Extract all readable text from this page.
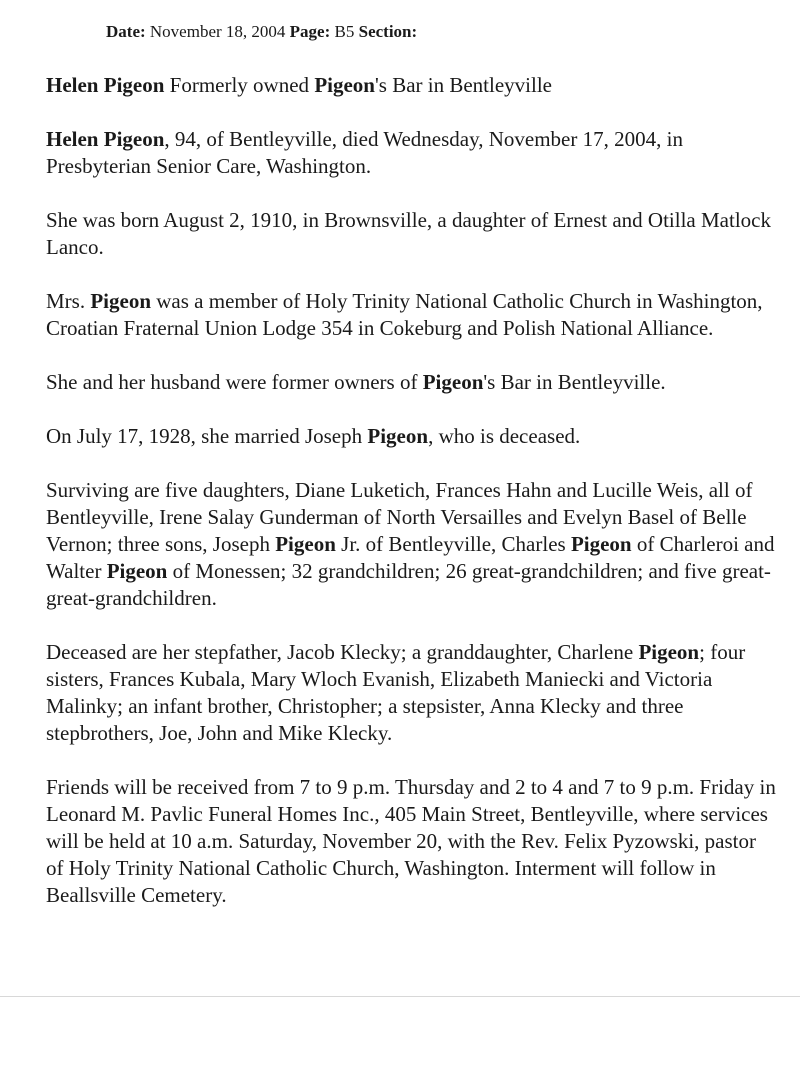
Date: November 18, 2004 Page: B5 Section:

Helen Pigeon Formerly owned Pigeon's Bar in Bentleyville

Helen Pigeon, 94, of Bentleyville, died Wednesday, November 17, 2004, in Presbyterian Senior Care, Washington.

She was born August 2, 1910, in Brownsville, a daughter of Ernest and Otilla Matlock Lanco.

Mrs. Pigeon was a member of Holy Trinity National Catholic Church in Washington, Croatian Fraternal Union Lodge 354 in Cokeburg and Polish National Alliance.

She and her husband were former owners of Pigeon's Bar in Bentleyville.

On July 17, 1928, she married Joseph Pigeon, who is deceased.

Surviving are five daughters, Diane Luketich, Frances Hahn and Lucille Weis, all of Bentleyville, Irene Salay Gunderman of North Versailles and Evelyn Basel of Belle Vernon; three sons, Joseph Pigeon Jr. of Bentleyville, Charles Pigeon of Charleroi and Walter Pigeon of Monessen; 32 grandchildren; 26 great-grandchildren; and five great-great-grandchildren.

Deceased are her stepfather, Jacob Klecky; a granddaughter, Charlene Pigeon; four sisters, Frances Kubala, Mary Wloch Evanish, Elizabeth Maniecki and Victoria Malinky; an infant brother, Christopher; a stepsister, Anna Klecky and three stepbrothers, Joe, John and Mike Klecky.

Friends will be received from 7 to 9 p.m. Thursday and 2 to 4 and 7 to 9 p.m. Friday in Leonard M. Pavlic Funeral Homes Inc., 405 Main Street, Bentleyville, where services will be held at 10 a.m. Saturday, November 20, with the Rev. Felix Pyzowski, pastor of Holy Trinity National Catholic Church, Washington. Interment will follow in Beallsville Cemetery.
